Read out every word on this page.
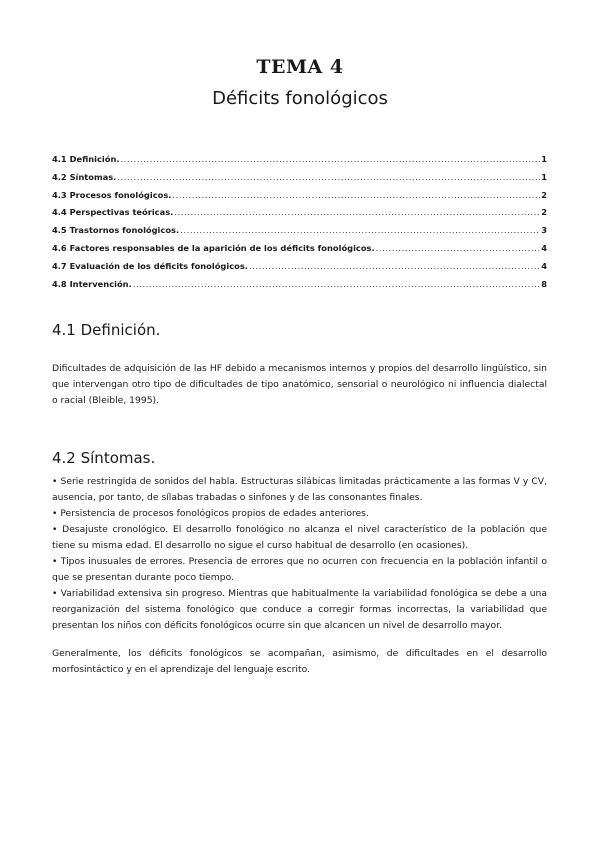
TEMA 4
Déficits fonológicos
4.1 Definición. .....	1
4.2 Síntomas. .....	1
4.3 Procesos fonológicos. .....	2
4.4 Perspectivas teóricas. .....	2
4.5 Trastornos fonológicos. .....	3
4.6 Factores responsables de la aparición de los déficits fonológicos. .....	4
4.7 Evaluación de los déficits fonológicos. .....	4
4.8 Intervención. .....	8
4.1 Definición.

Dificultades de adquisición de las HF debido a mecanismos internos y propios del desarrollo lingüístico, sin que intervengan otro tipo de dificultades de tipo anatómico, sensorial o neurológico ni influencia dialectal o racial (Bleible, 1995).

4.2 Síntomas.
• Serie restringida de sonidos del habla. Estructuras silábicas limitadas prácticamente a las formas V y CV, ausencia, por tanto, de sílabas trabadas o sinfones y de las consonantes finales.
• Persistencia de procesos fonológicos propios de edades anteriores.
• Desajuste cronológico. El desarrollo fonológico no alcanza el nivel característico de la población que tiene su misma edad. El desarrollo no sigue el curso habitual de desarrollo (en ocasiones).
• Tipos inusuales de errores. Presencia de errores que no ocurren con frecuencia en la población infantil o que se presentan durante poco tiempo.
• Variabilidad extensiva sin progreso. Mientras que habitualmente la variabilidad fonológica se debe a una reorganización del sistema fonológico que conduce a corregir formas incorrectas, la variabilidad que presentan los niños con déficits fonológicos ocurre sin que alcancen un nivel de desarrollo mayor.

Generalmente, los déficits fonológicos se acompañan, asimismo, de dificultades en el desarrollo morfosintáctico y en el aprendizaje del lenguaje escrito.
